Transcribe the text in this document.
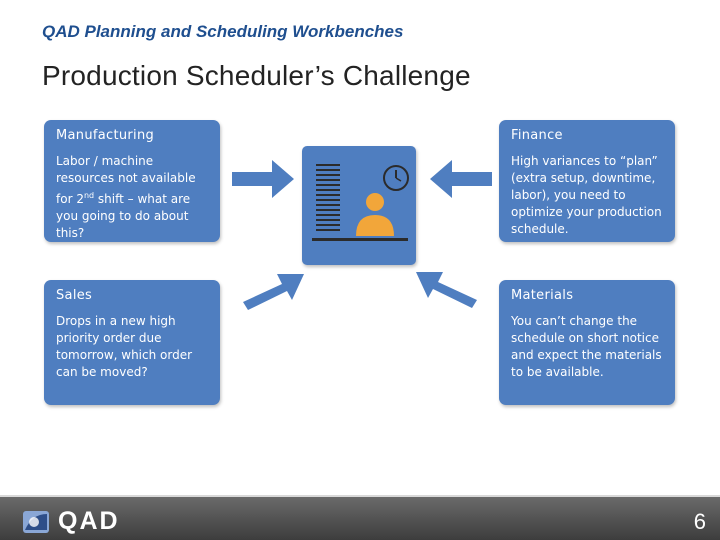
QAD Planning and Scheduling Workbenches
Production Scheduler’s Challenge
Manufacturing
Labor / machine resources not available for 2nd shift – what are you going to do about this?
Finance
High variances to “plan” (extra setup, downtime, labor), you need to optimize your production schedule.
Sales
Drops in a new high priority order due tomorrow, which order can be moved?
Materials
You can’t change the schedule on short notice and expect the materials to be available.
QAD	6
